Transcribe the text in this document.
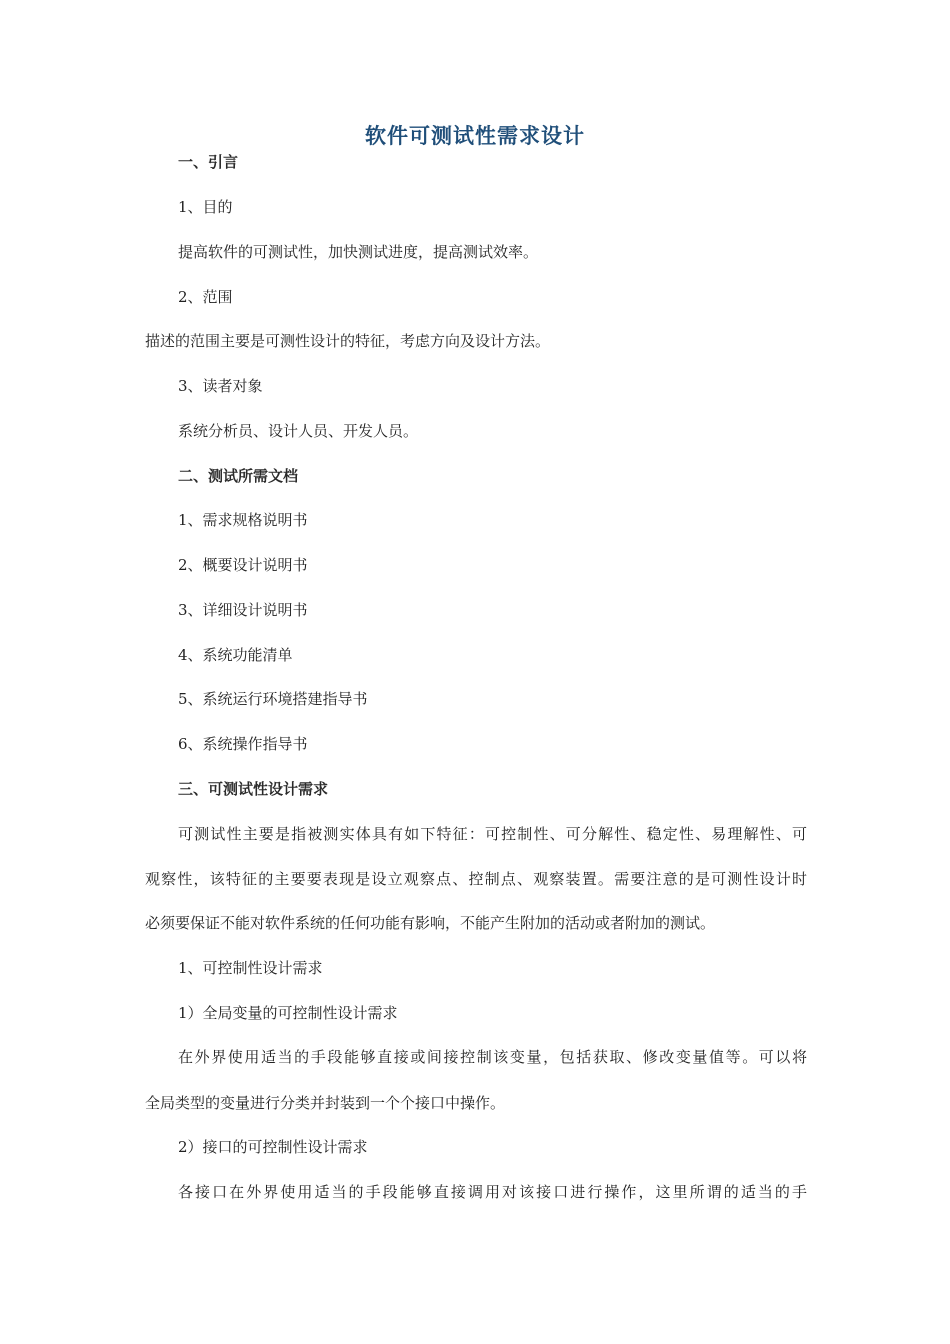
软件可测试性需求设计
一、引言
1、目的
提高软件的可测试性，加快测试进度，提高测试效率。
2、范围
描述的范围主要是可测性设计的特征，考虑方向及设计方法。
3、读者对象
系统分析员、设计人员、开发人员。
二、测试所需文档
1、需求规格说明书
2、概要设计说明书
3、详细设计说明书
4、系统功能清单
5、系统运行环境搭建指导书
6、系统操作指导书
三、可测试性设计需求
可测试性主要是指被测实体具有如下特征：可控制性、可分解性、稳定性、易理解性、可
观察性，该特征的主要要表现是设立观察点、控制点、观察装置。需要注意的是可测性设计时
必须要保证不能对软件系统的任何功能有影响，不能产生附加的活动或者附加的测试。
1、可控制性设计需求
1）全局变量的可控制性设计需求
在外界使用适当的手段能够直接或间接控制该变量，包括获取、修改变量值等。可以将
全局类型的变量进行分类并封装到一个个接口中操作。
2）接口的可控制性设计需求
各接口在外界使用适当的手段能够直接调用对该接口进行操作，这里所谓的适当的手
